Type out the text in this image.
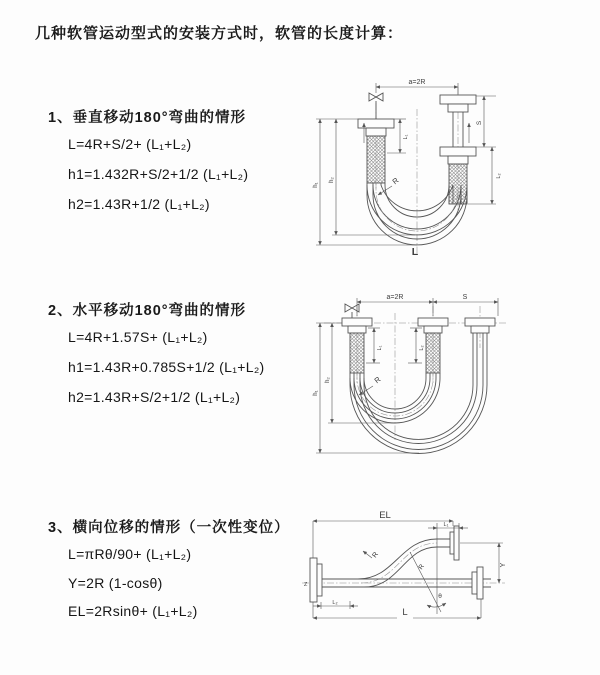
几种软管运动型式的安装方式时，软管的长度计算：
1、垂直移动180°弯曲的情形
L=4R+S/2+ (L₁+L₂)
h1=1.432R+S/2+1/2 (L₁+L₂)
h2=1.43R+1/2 (L₁+L₂)
a=2R
h₁
h₂
S
L₂
L₁
R
L
2、水平移动180°弯曲的情形
L=4R+1.57S+ (L₁+L₂)
h1=1.43R+0.785S+1/2 (L₁+L₂)
h2=1.43R+S/2+1/2 (L₁+L₂)
a=2R	S
h₁
h₂
L₁	L₂
R
3、横向位移的情形（一次性变位）
L=πRθ/90+ (L₁+L₂)
Y=2R (1-cosθ)
EL=2Rsinθ+ (L₁+L₂)
EL
L₁
Y
L
L₂
R
R
θ
Z
